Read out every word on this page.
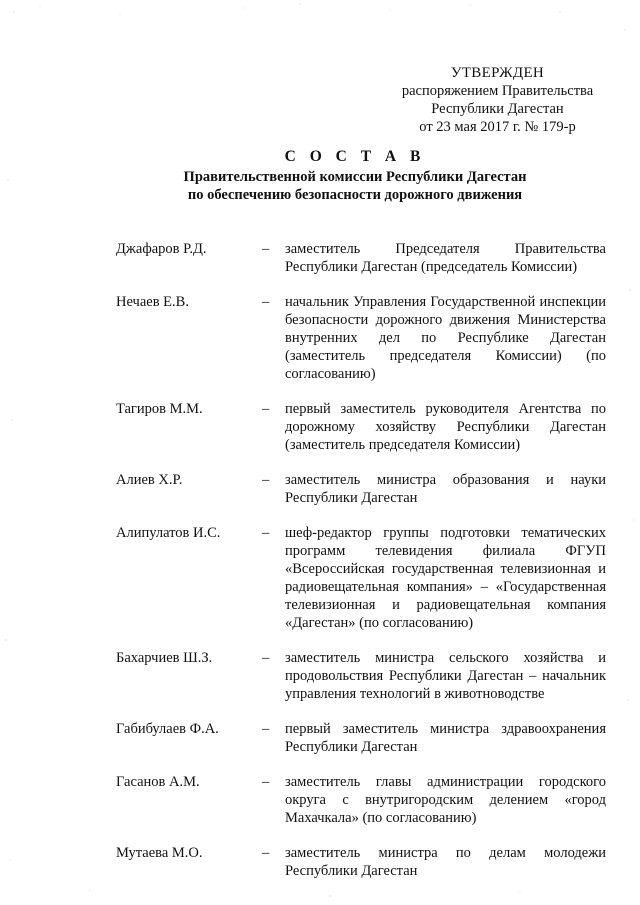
УТВЕРЖДЕН
распоряжением Правительства
Республики Дагестан
от 23 мая 2017 г. № 179-р
С О С Т А В
Правительственной комиссии Республики Дагестан
по обеспечению безопасности дорожного движения
Джафаров Р.Д.	–	заместитель Председателя Правительства Республики Дагестан (председатель Комиссии)
Нечаев Е.В.	–	начальник Управления Государственной инспекции безопасности дорожного движения Министерства внутренних дел по Республике Дагестан (заместитель председателя Комиссии) (по согласованию)
Тагиров М.М.	–	первый заместитель руководителя Агентства по дорожному хозяйству Республики Дагестан (заместитель председателя Комиссии)
Алиев Х.Р.	–	заместитель министра образования и науки Республики Дагестан
Алипулатов И.С.	–	шеф-редактор группы подготовки тематических программ телевидения филиала ФГУП «Всероссийская государственная телевизионная и радиовещательная компания» – «Государственная телевизионная и радиовещательная компания «Дагестан» (по согласованию)
Бахарчиев Ш.З.	–	заместитель министра сельского хозяйства и продовольствия Республики Дагестан – начальник управления технологий в животноводстве
Габибулаев Ф.А.	–	первый заместитель министра здравоохранения Республики Дагестан
Гасанов А.М.	–	заместитель главы администрации городского округа с внутригородским делением «город Махачкала» (по согласованию)
Мутаева М.О.	–	заместитель министра по делам молодежи Республики Дагестан
